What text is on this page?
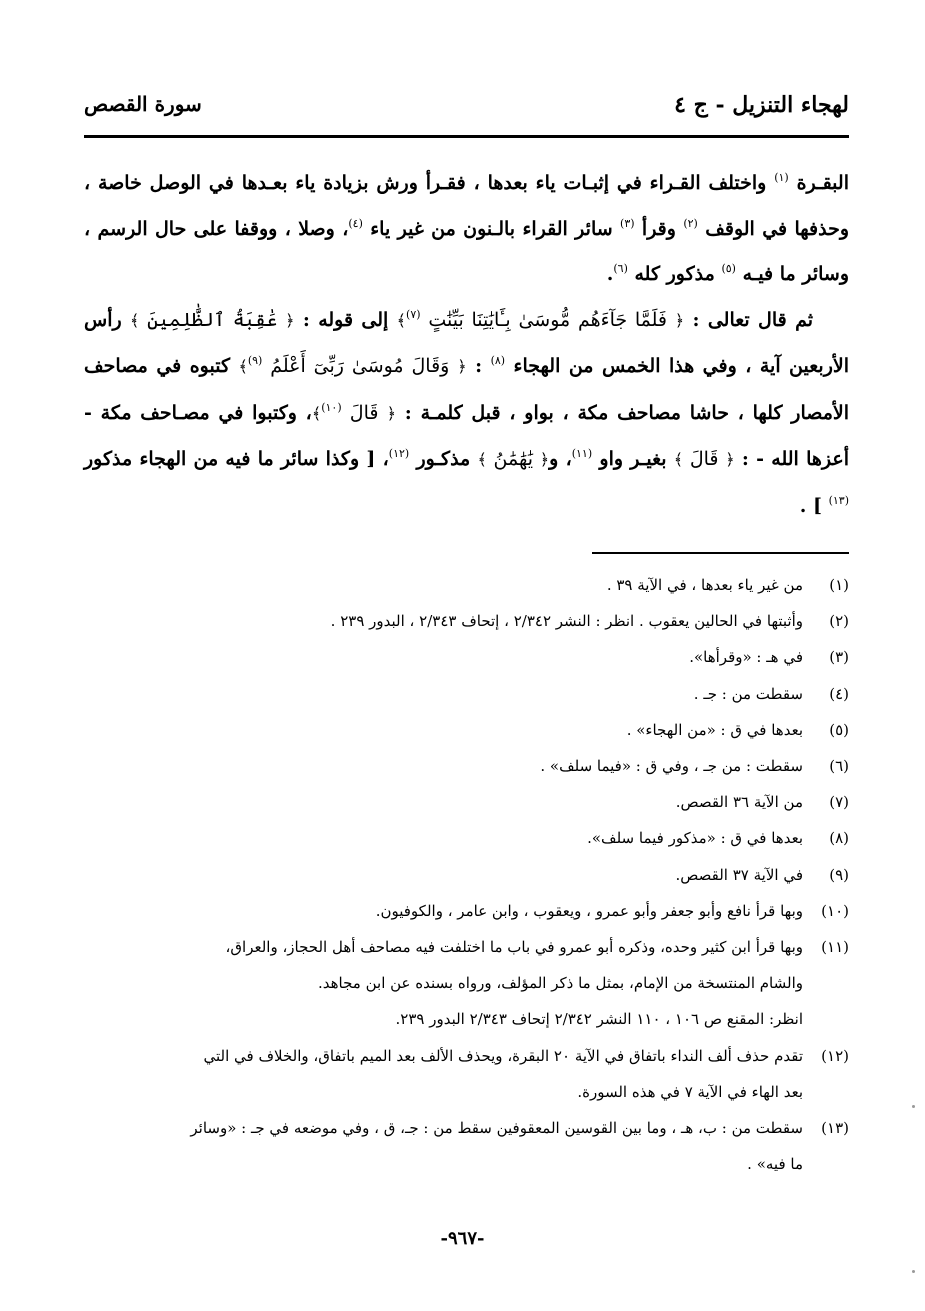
لهجاء التنزيل - ج ٤
سورة القصص

البقـرة $^{(١)}$ واختلف القـراء في إثبـات ياء بعدها ، فقـرأ ورش بزيادة ياء بعـدها في الوصل خاصة ، وحذفها في الوقف $^{(٢)}$ وقرأ $^{(٣)}$ سائر القراء بالـنون من غير ياء $^{(٤)}$، وصلا ، ووقفا على حال الرسم ، وسائر ما فيـه $^{(٥)}$ مذكور كله $^{(٦)}$.

ثم قال تعالى : ﴿ فَلَمَّا جَآءَهُم مُّوسَىٰ بِـَٔايَٰتِنَا بَيِّنَٰتٍ $^{(٧)}$﴾ إلى قوله : ﴿ عَٰقِبَةُ ٱلظَّٰلِمِينَ ﴾ رأس الأربعين آية ، وفي هذا الخمس من الهجاء $^{(٨)}$ : ﴿ وَقَالَ مُوسَىٰ رَبِّىٓ أَعْلَمُ $^{(٩)}$﴾ كتبوه في مصاحف الأمصار كلها ، حاشا مصاحف مكة ، بواو ، قبل كلمـة : ﴿ قَالَ $^{(١٠)}$﴾، وكتبوا في مصـاحف مكة - أعزها الله - : ﴿ قَالَ ﴾ بغيـر واو $^{(١١)}$، و﴿ يَٰهَٰمَٰنُ ﴾ مذكـور $^{(١٢)}$، [ وكذا سائر ما فيه من الهجاء مذكور $^{(١٣)}$ ] .

(١)
من غير ياء بعدها ، في الآية ٣٩ .
(٢)
وأثبتها في الحالين يعقوب . انظر : النشر ٢/٣٤٢ ، إتحاف ٢/٣٤٣ ، البدور ٢٣٩ .
(٣)
في هـ : «وقرأها».
(٤)
سقطت من : جـ .
(٥)
بعدها في ق : «من الهجاء» .
(٦)
سقطت : من جـ ، وفي ق : «فيما سلف» .
(٧)
من الآية ٣٦ القصص.
(٨)
بعدها في ق : «مذكور فيما سلف».
(٩)
في الآية ٣٧ القصص.
(١٠)
وبها قرأ نافع وأبو جعفر وأبو عمرو ، ويعقوب ، وابن عامر ، والكوفيون.
(١١)
وبها قرأ ابن كثير وحده، وذكره أبو عمرو في باب ما اختلفت فيه مصاحف أهل الحجاز، والعراق،
والشام المنتسخة من الإمام، بمثل ما ذكر المؤلف، ورواه بسنده عن ابن مجاهد.
انظر: المقنع ص ١٠٦ ، ١١٠ النشر ٢/٣٤٢ إتحاف ٢/٣٤٣ البدور ٢٣٩.
(١٢)
تقدم حذف ألف النداء باتفاق في الآية ٢٠ البقرة، ويحذف الألف بعد الميم باتفاق، والخلاف في التي
بعد الهاء في الآية ٧ في هذه السورة.
(١٣)
سقطت من : ب، هـ ، وما بين القوسين المعقوفين سقط من : جـ، ق ، وفي موضعه في جـ : «وسائر
ما فيه» .
-٩٦٧-
